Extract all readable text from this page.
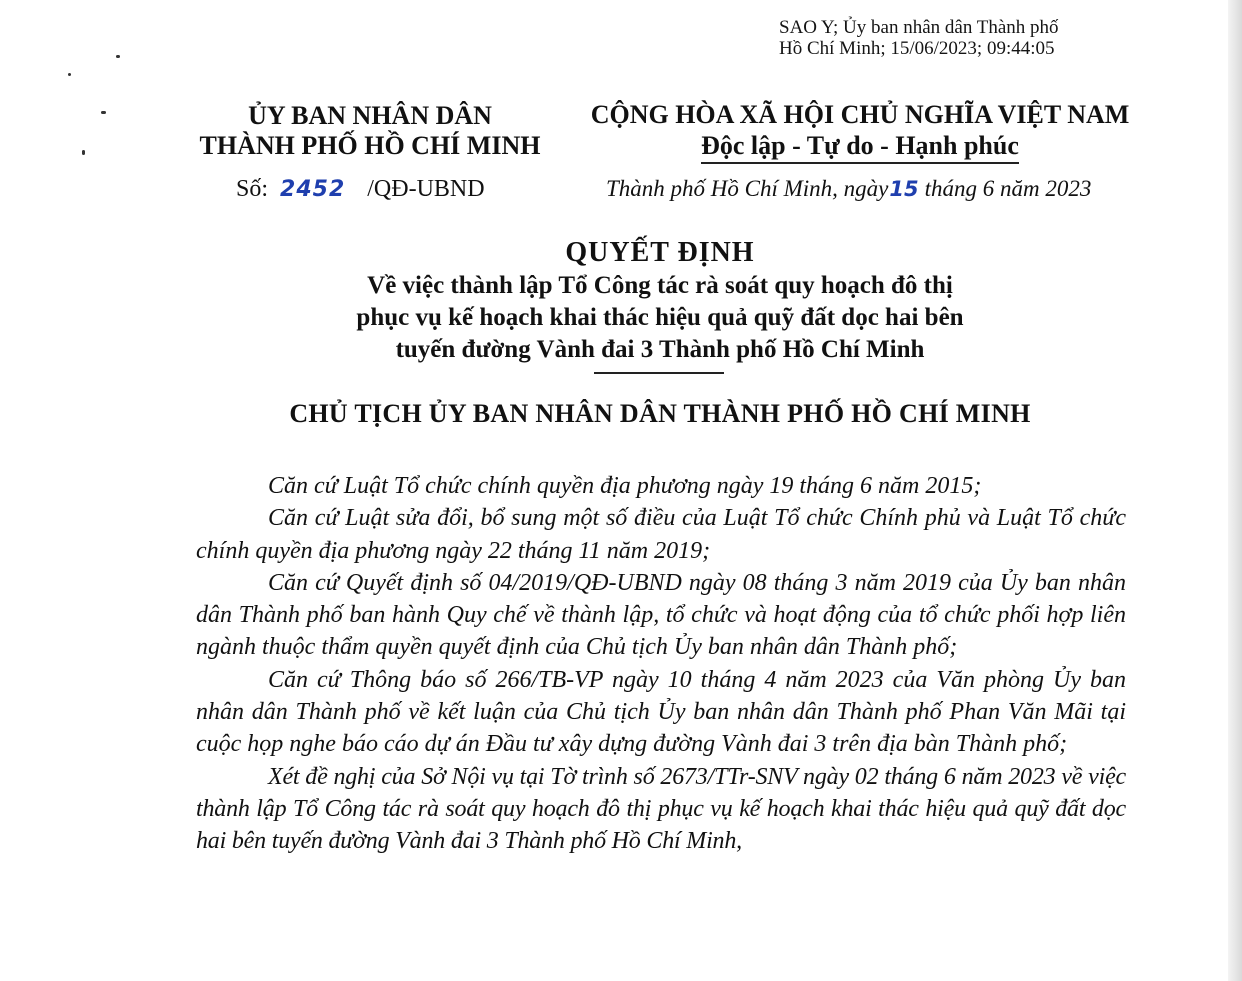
SAO Y; Ủy ban nhân dân Thành phố
Hồ Chí Minh; 15/06/2023; 09:44:05
ỦY BAN NHÂN DÂN
THÀNH PHỐ HỒ CHÍ MINH
CỘNG HÒA XÃ HỘI CHỦ NGHĨA VIỆT NAM
Độc lập - Tự do - Hạnh phúc
Số: 2452 /QĐ-UBND	Thành phố Hồ Chí Minh, ngày15 tháng 6 năm 2023
QUYẾT ĐỊNH
Về việc thành lập Tổ Công tác rà soát quy hoạch đô thị
phục vụ kế hoạch khai thác hiệu quả quỹ đất dọc hai bên
tuyến đường Vành đai 3 Thành phố Hồ Chí Minh
CHỦ TỊCH ỦY BAN NHÂN DÂN THÀNH PHỐ HỒ CHÍ MINH

Căn cứ Luật Tổ chức chính quyền địa phương ngày 19 tháng 6 năm 2015;

Căn cứ Luật sửa đổi, bổ sung một số điều của Luật Tổ chức Chính phủ và Luật Tổ chức chính quyền địa phương ngày 22 tháng 11 năm 2019;

Căn cứ Quyết định số 04/2019/QĐ-UBND ngày 08 tháng 3 năm 2019 của Ủy ban nhân dân Thành phố ban hành Quy chế về thành lập, tổ chức và hoạt động của tổ chức phối hợp liên ngành thuộc thẩm quyền quyết định của Chủ tịch Ủy ban nhân dân Thành phố;

Căn cứ Thông báo số 266/TB-VP ngày 10 tháng 4 năm 2023 của Văn phòng Ủy ban nhân dân Thành phố về kết luận của Chủ tịch Ủy ban nhân dân Thành phố Phan Văn Mãi tại cuộc họp nghe báo cáo dự án Đầu tư xây dựng đường Vành đai 3 trên địa bàn Thành phố;

Xét đề nghị của Sở Nội vụ tại Tờ trình số 2673/TTr-SNV ngày 02 tháng 6 năm 2023 về việc thành lập Tổ Công tác rà soát quy hoạch đô thị phục vụ kế hoạch khai thác hiệu quả quỹ đất dọc hai bên tuyến đường Vành đai 3 Thành phố Hồ Chí Minh,
